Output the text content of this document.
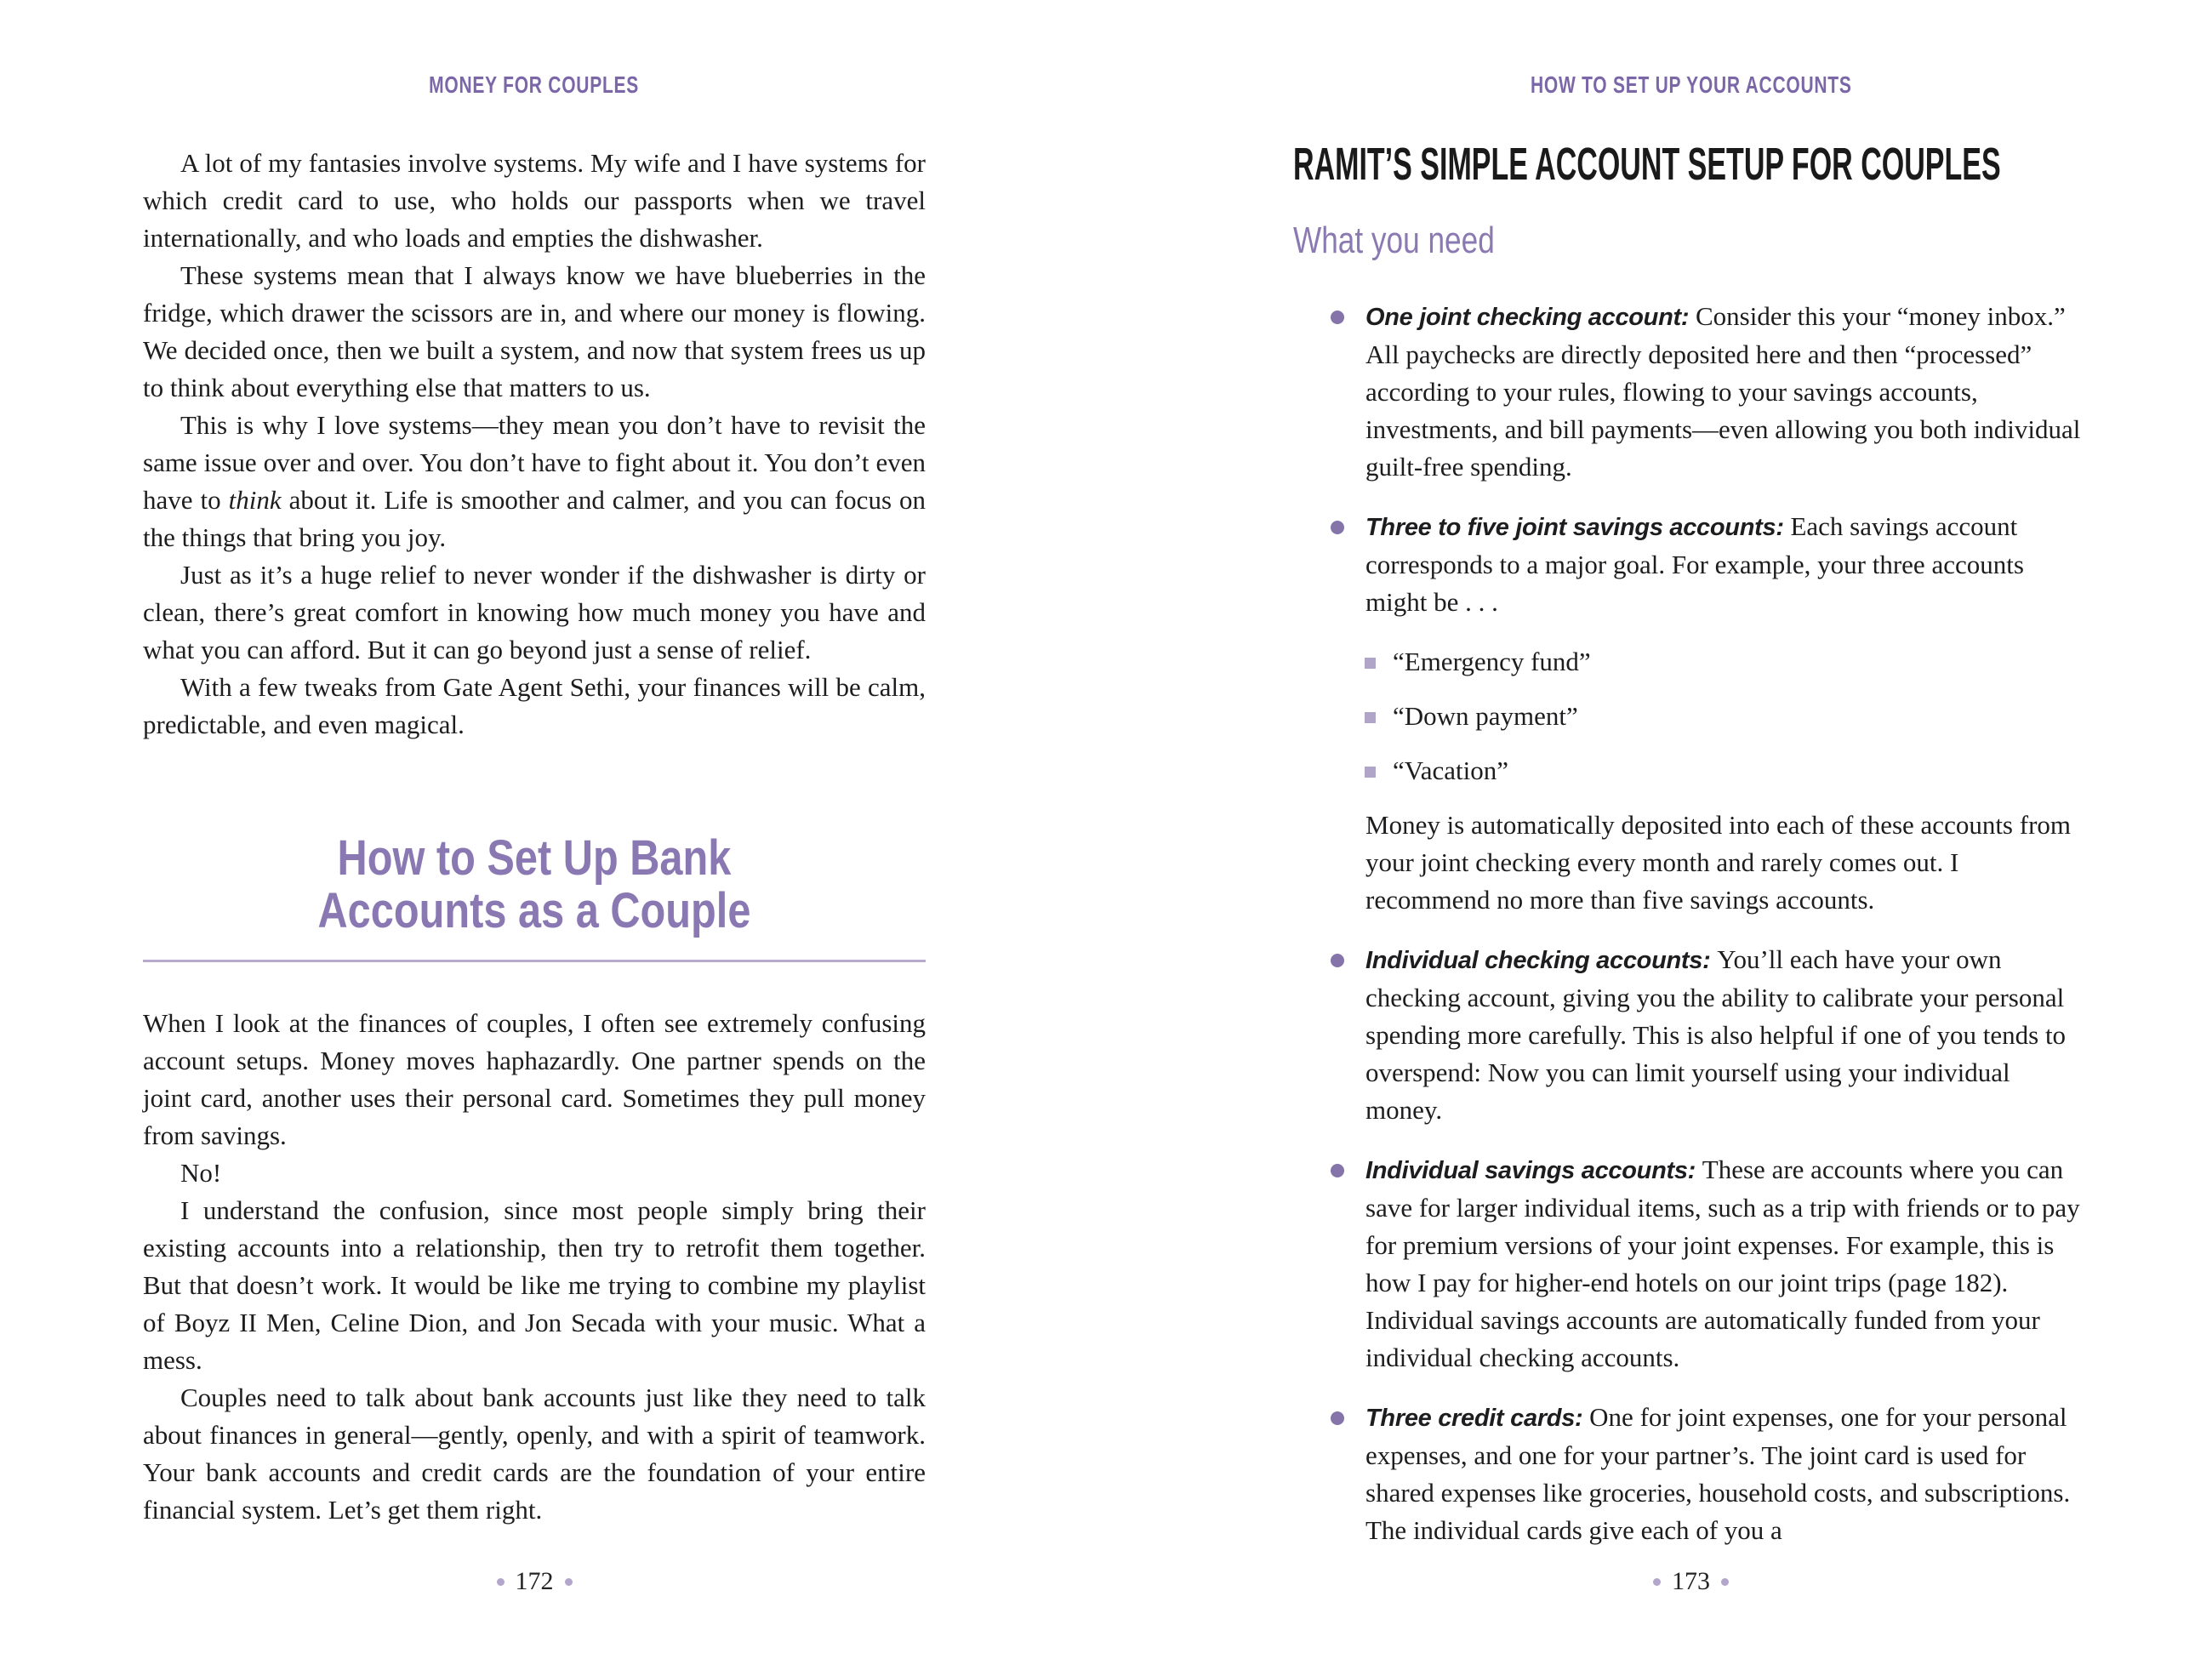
MONEY FOR COUPLES

A lot of my fantasies involve systems. My wife and I have systems for which credit card to use, who holds our passports when we travel internationally, and who loads and empties the dishwasher.

These systems mean that I always know we have blueberries in the fridge, which drawer the scissors are in, and where our money is flowing. We decided once, then we built a system, and now that system frees us up to think about everything else that matters to us.

This is why I love systems—they mean you don’t have to revisit the same issue over and over. You don’t have to fight about it. You don’t even have to think about it. Life is smoother and calmer, and you can focus on the things that bring you joy.

Just as it’s a huge relief to never wonder if the dishwasher is dirty or clean, there’s great comfort in knowing how much money you have and what you can afford. But it can go beyond just a sense of relief.

With a few tweaks from Gate Agent Sethi, your finances will be calm, predictable, and even magical.

How to Set Up Bank
Accounts as a Couple

When I look at the finances of couples, I often see extremely confusing account setups. Money moves haphazardly. One partner spends on the joint card, another uses their personal card. Sometimes they pull money from savings.

No!

I understand the confusion, since most people simply bring their existing accounts into a relationship, then try to retrofit them together. But that doesn’t work. It would be like me trying to combine my playlist of Boyz II Men, Celine Dion, and Jon Secada with your music. What a mess.

Couples need to talk about bank accounts just like they need to talk about finances in general—gently, openly, and with a spirit of teamwork. Your bank accounts and credit cards are the foundation of your entire financial system. Let’s get them right.

172
HOW TO SET UP YOUR ACCOUNTS
RAMIT’S SIMPLE ACCOUNT SETUP FOR COUPLES
What you need
One joint checking account: Consider this your “money inbox.” All paychecks are directly deposited here and then “processed” according to your rules, flowing to your savings accounts, investments, and bill payments—even allowing you both individual guilt-free spending.
Three to five joint savings accounts: Each savings account corresponds to a major goal. For example, your three accounts might be . . .
“Emergency fund”
“Down payment”
“Vacation”
Money is automatically deposited into each of these accounts from your joint checking every month and rarely comes out. I recommend no more than five savings accounts.
Individual checking accounts: You’ll each have your own checking account, giving you the ability to calibrate your personal spending more carefully. This is also helpful if one of you tends to overspend: Now you can limit yourself using your individual money.
Individual savings accounts: These are accounts where you can save for larger individual items, such as a trip with friends or to pay for premium versions of your joint expenses. For example, this is how I pay for higher-end hotels on our joint trips (page 182). Individual savings accounts are automatically funded from your individual checking accounts.
Three credit cards: One for joint expenses, one for your personal expenses, and one for your partner’s. The joint card is used for shared expenses like groceries, household costs, and subscriptions. The individual cards give each of you a
173
